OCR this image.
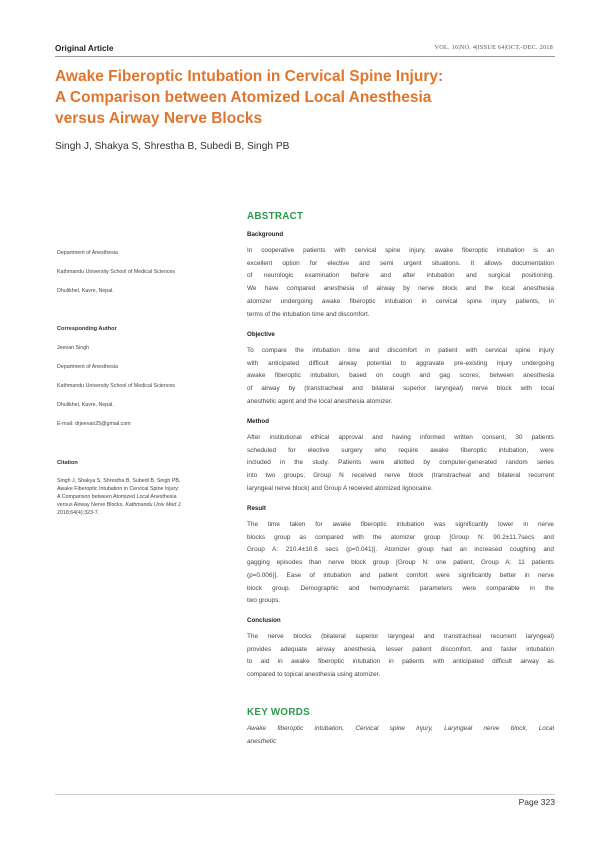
Original Article	VOL. 16|NO. 4|ISSUE 64|OCT.-DEC. 2018
Awake Fiberoptic Intubation in Cervical Spine Injury:
A Comparison between Atomized Local Anesthesia
versus Airway Nerve Blocks
Singh J, Shakya S, Shrestha B, Subedi B, Singh PB

Department of Anesthesia

Kathmandu University School of Medical Sciences

Dhulikhel, Kavre, Nepal.

Corresponding Author

Jeevan Singh

Department of Anesthesia

Kathmandu University School of Medical Sciences

Dhulikhel, Kavre, Nepal.

E-mail: drjeevan25@gmail.com

Citation

Singh J, Shakya S, Shrestha B, Subedi B, Singh PB.

Awake Fiberoptic Intubation in Cervical Spine Injury:

A Comparison between Atomized Local Anesthesia

versus Airway Nerve Blocks. Kathmandu Univ Med J.

2018;64(4):323-7.

ABSTRACT

Background

In cooperative patients with cervical spine injury, awake fiberoptic intubation is an
excellent option for elective and semi urgent situations. It allows documentation
of neurologic examination before and after intubation and surgical positioning.
We have compared anesthesia of airway by nerve block and the local anesthesia
atomizer undergoing awake fiberoptic intubation in cervical spine injury patients, in
terms of the intubation time and discomfort.

Objective

To compare the intubation time and discomfort in patient with cervical spine injury
with anticipated difficult airway potential to aggravate pre-existing injury undergoing
awake fiberoptic intubation, based on cough and gag scores, between anesthesia
of airway by (transtracheal and bilateral superior laryngeal) nerve block with local
anesthetic agent and the local anesthesia atomizer.

Method

After institutional ethical approval and having informed written consent, 30 patients
scheduled for elective surgery who require awake fiberoptic intubation, were
included in the study. Patients were allotted by computer-generated random series
into two groups; Group N received nerve block (transtracheal and bilateral recurrent
laryngeal nerve block) and Group A received atomized lignocaine.

Result

The time taken for awake fiberoptic intubation was significantly lower in nerve
blocks group as compared with the atomizer group [Group N: 90.2±11.7secs and
Group A: 210.4±10.6 secs (p=0.041)]. Atomizer group had an increased coughing and
gagging episodes than nerve block group [Group N: one patient, Group A: 11 patients
(p=0.006)]. Ease of intubation and patient comfort were significantly better in nerve
block group. Demographic and hemodynamic parameters were comparable in the
two groups.

Conclusion

The nerve blocks (bilateral superior laryngeal and transtracheal recurrent laryngeal)
provides adequate airway anesthesia, lesser patient discomfort, and faster intubation
to aid in awake fiberoptic intubation in patients with anticipated difficult airway as
compared to topical anesthesia using atomizer.
KEY WORDS
Awake fiberoptic intubation, Cervical spine injury, Laryngeal nerve block, Local
anesthetic
Page 323
